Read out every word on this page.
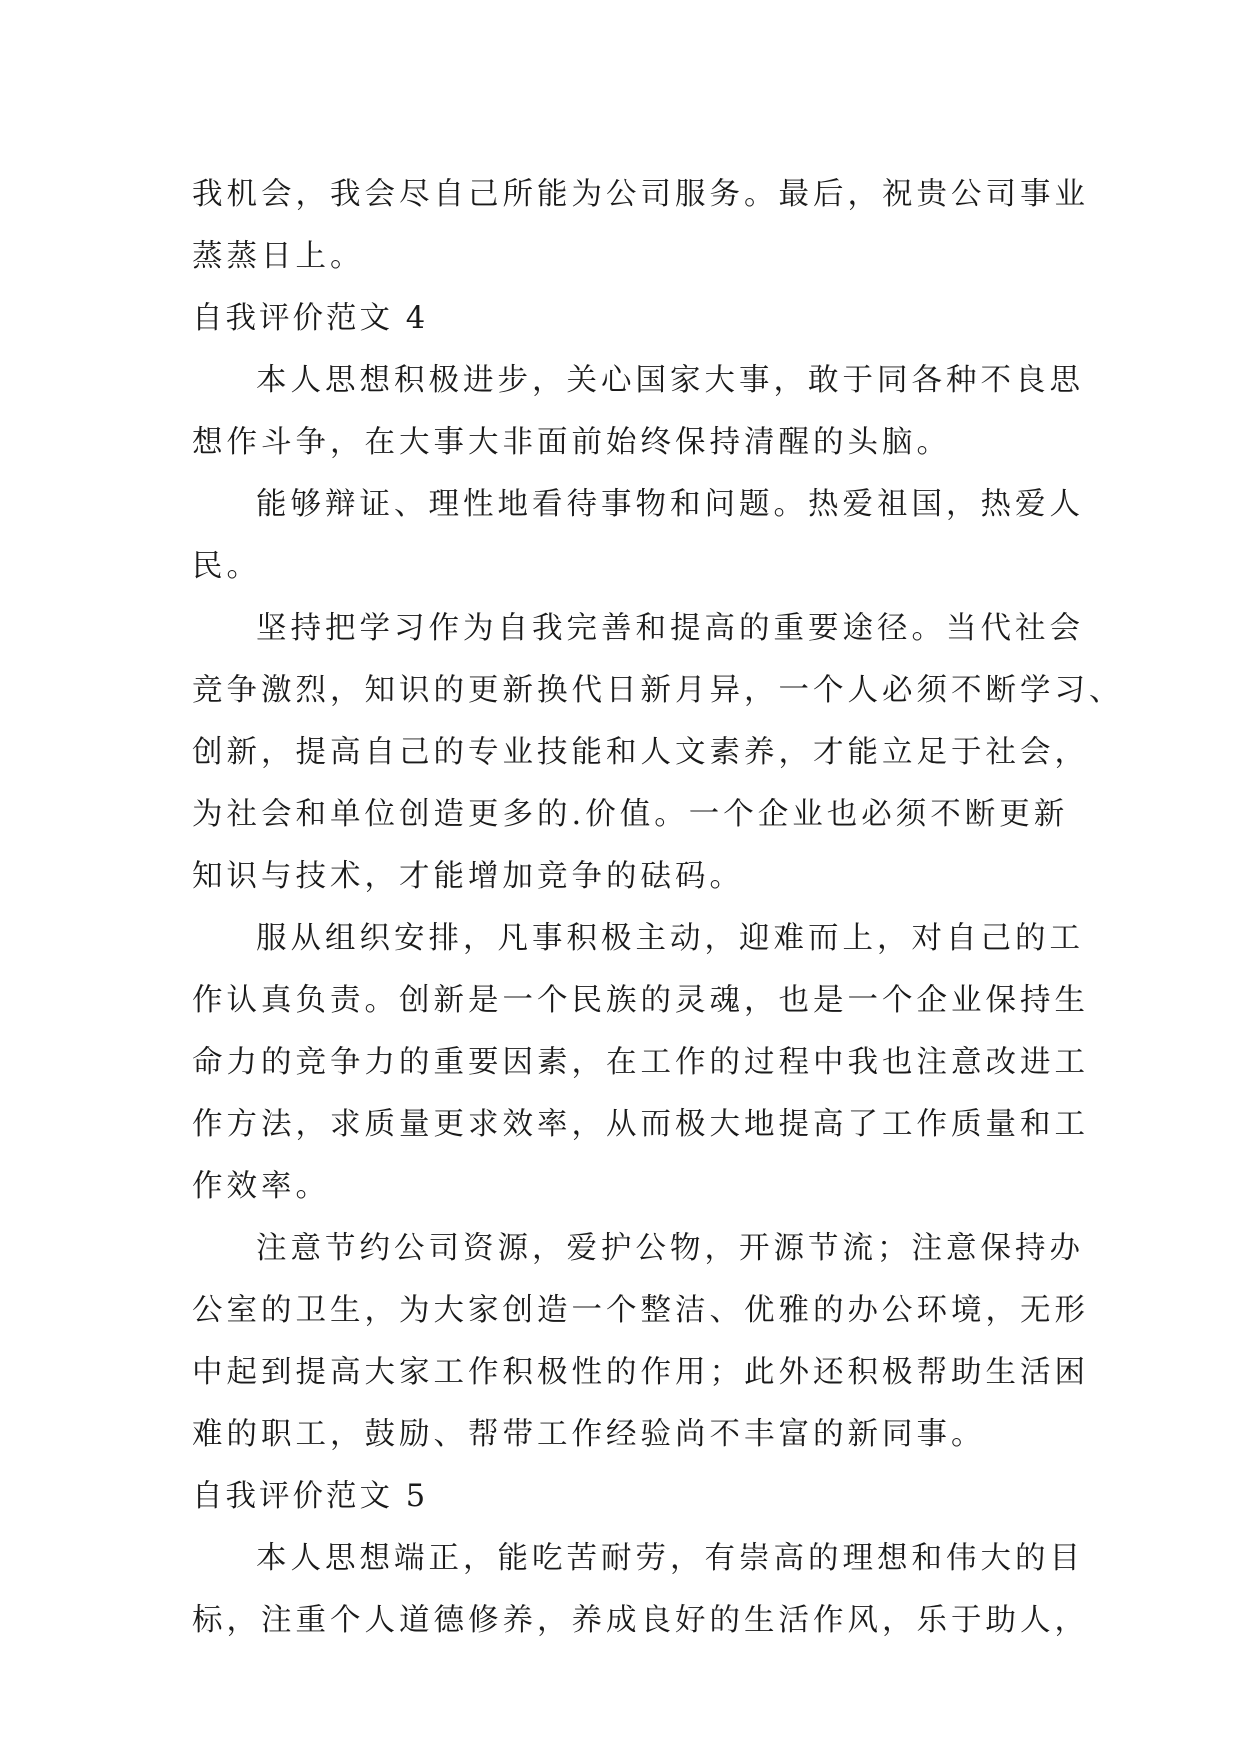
我机会，我会尽自己所能为公司服务。最后，祝贵公司事业
蒸蒸日上。
自我评价范文 4
本人思想积极进步，关心国家大事，敢于同各种不良思
想作斗争，在大事大非面前始终保持清醒的头脑。
能够辩证、理性地看待事物和问题。热爱祖国，热爱人
民。
坚持把学习作为自我完善和提高的重要途径。当代社会
竞争激烈，知识的更新换代日新月异，一个人必须不断学习、
创新，提高自己的专业技能和人文素养，才能立足于社会，
为社会和单位创造更多的.价值。一个企业也必须不断更新
知识与技术，才能增加竞争的砝码。
服从组织安排，凡事积极主动，迎难而上，对自己的工
作认真负责。创新是一个民族的灵魂，也是一个企业保持生
命力的竞争力的重要因素，在工作的过程中我也注意改进工
作方法，求质量更求效率，从而极大地提高了工作质量和工
作效率。
注意节约公司资源，爱护公物，开源节流；注意保持办
公室的卫生，为大家创造一个整洁、优雅的办公环境，无形
中起到提高大家工作积极性的作用；此外还积极帮助生活困
难的职工，鼓励、帮带工作经验尚不丰富的新同事。
自我评价范文 5
本人思想端正，能吃苦耐劳，有崇高的理想和伟大的目
标，注重个人道德修养，养成良好的生活作风，乐于助人，
